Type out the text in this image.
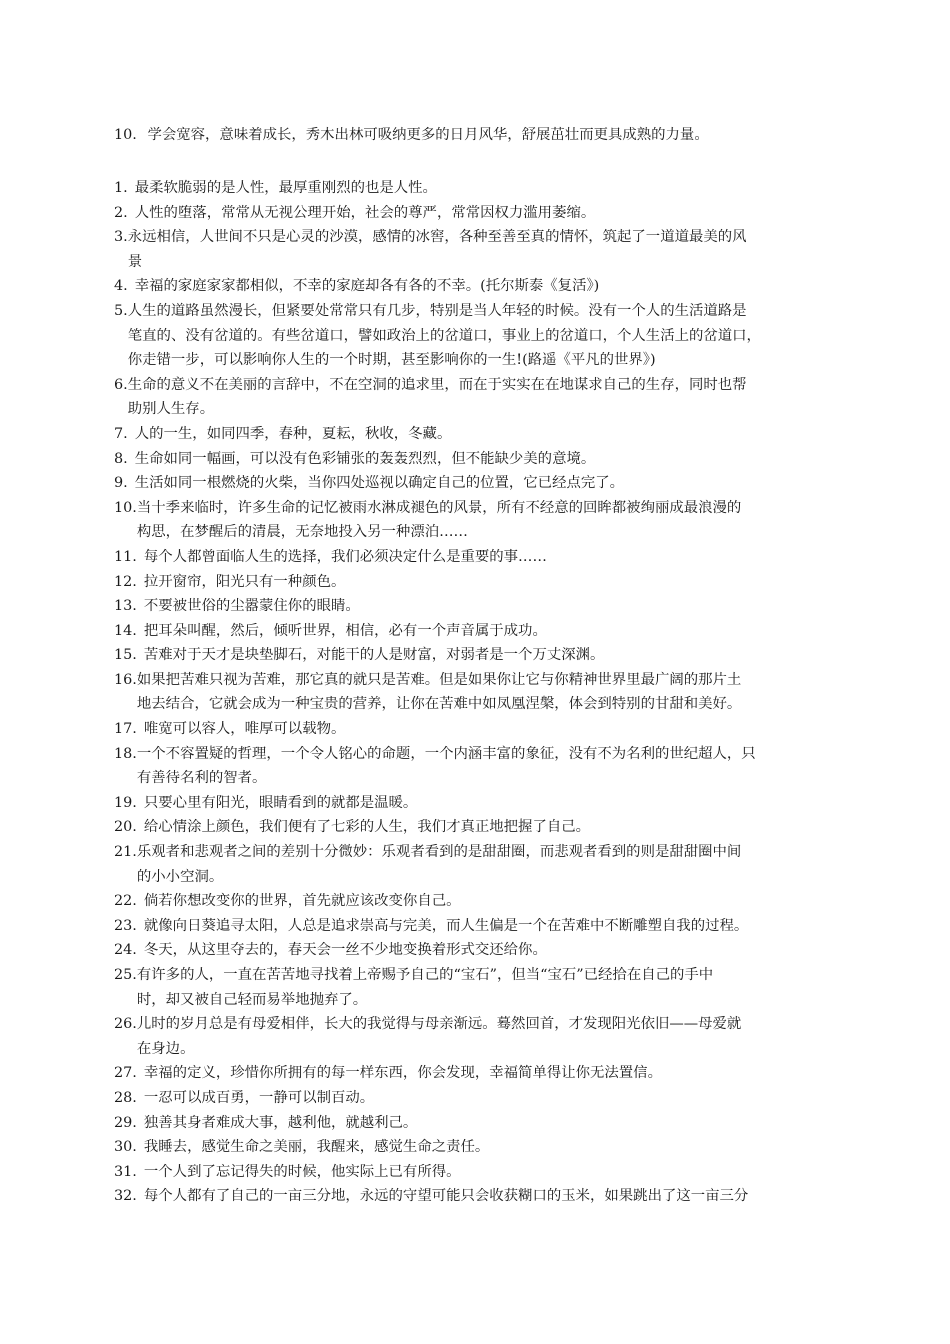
10. 学会宽容，意味着成长，秀木出林可吸纳更多的日月风华，舒展茁壮而更具成熟的力量。
1. 最柔软脆弱的是人性，最厚重刚烈的也是人性。
2. 人性的堕落，常常从无视公理开始，社会的尊严，常常因权力滥用萎缩。
3. 永远相信，人世间不只是心灵的沙漠，感情的冰窖，各种至善至真的情怀，筑起了一道道最美的风
景
4. 幸福的家庭家家都相似，不幸的家庭却各有各的不幸。(托尔斯泰《复活》)
5. 人生的道路虽然漫长，但紧要处常常只有几步，特别是当人年轻的时候。没有一个人的生活道路是
笔直的、没有岔道的。有些岔道口，譬如政治上的岔道口，事业上的岔道口，个人生活上的岔道口，
你走错一步，可以影响你人生的一个时期，甚至影响你的一生!(路遥《平凡的世界》)
6. 生命的意义不在美丽的言辞中，不在空洞的追求里，而在于实实在在地谋求自己的生存，同时也帮
助别人生存。
7. 人的一生，如同四季，春种，夏耘，秋收，冬藏。
8. 生命如同一幅画，可以没有色彩铺张的轰轰烈烈，但不能缺少美的意境。
9. 生活如同一根燃烧的火柴，当你四处巡视以确定自己的位置，它已经点完了。
10. 当十季来临时，许多生命的记忆被雨水淋成褪色的风景，所有不经意的回眸都被绚丽成最浪漫的
构思，在梦醒后的清晨，无奈地投入另一种漂泊……
11. 每个人都曾面临人生的选择，我们必须决定什么是重要的事……
12. 拉开窗帘，阳光只有一种颜色。
13. 不要被世俗的尘嚣蒙住你的眼睛。
14. 把耳朵叫醒，然后，倾听世界，相信，必有一个声音属于成功。
15. 苦难对于天才是块垫脚石，对能干的人是财富，对弱者是一个万丈深渊。
16. 如果把苦难只视为苦难，那它真的就只是苦难。但是如果你让它与你精神世界里最广阔的那片土
地去结合，它就会成为一种宝贵的营养，让你在苦难中如凤凰涅槃，体会到特别的甘甜和美好。
17. 唯宽可以容人，唯厚可以载物。
18. 一个不容置疑的哲理，一个令人铭心的命题，一个内涵丰富的象征，没有不为名利的世纪超人，只
有善待名利的智者。
19. 只要心里有阳光，眼睛看到的就都是温暖。
20. 给心情涂上颜色，我们便有了七彩的人生，我们才真正地把握了自己。
21. 乐观者和悲观者之间的差别十分微妙：乐观者看到的是甜甜圈，而悲观者看到的则是甜甜圈中间
的小小空洞。
22. 倘若你想改变你的世界，首先就应该改变你自己。
23. 就像向日葵追寻太阳，人总是追求崇高与完美，而人生偏是一个在苦难中不断雕塑自我的过程。
24. 冬天，从这里夺去的，春天会一丝不少地变换着形式交还给你。
25. 有许多的人，一直在苦苦地寻找着上帝赐予自己的“宝石”，但当“宝石”已经拾在自己的手中
时，却又被自己轻而易举地抛弃了。
26. 儿时的岁月总是有母爱相伴，长大的我觉得与母亲渐远。蓦然回首，才发现阳光依旧——母爱就
在身边。
27. 幸福的定义，珍惜你所拥有的每一样东西，你会发现，幸福简单得让你无法置信。
28. 一忍可以成百勇，一静可以制百动。
29. 独善其身者难成大事，越利他，就越利己。
30. 我睡去，感觉生命之美丽，我醒来，感觉生命之责任。
31. 一个人到了忘记得失的时候，他实际上已有所得。
32. 每个人都有了自己的一亩三分地，永远的守望可能只会收获糊口的玉米，如果跳出了这一亩三分
